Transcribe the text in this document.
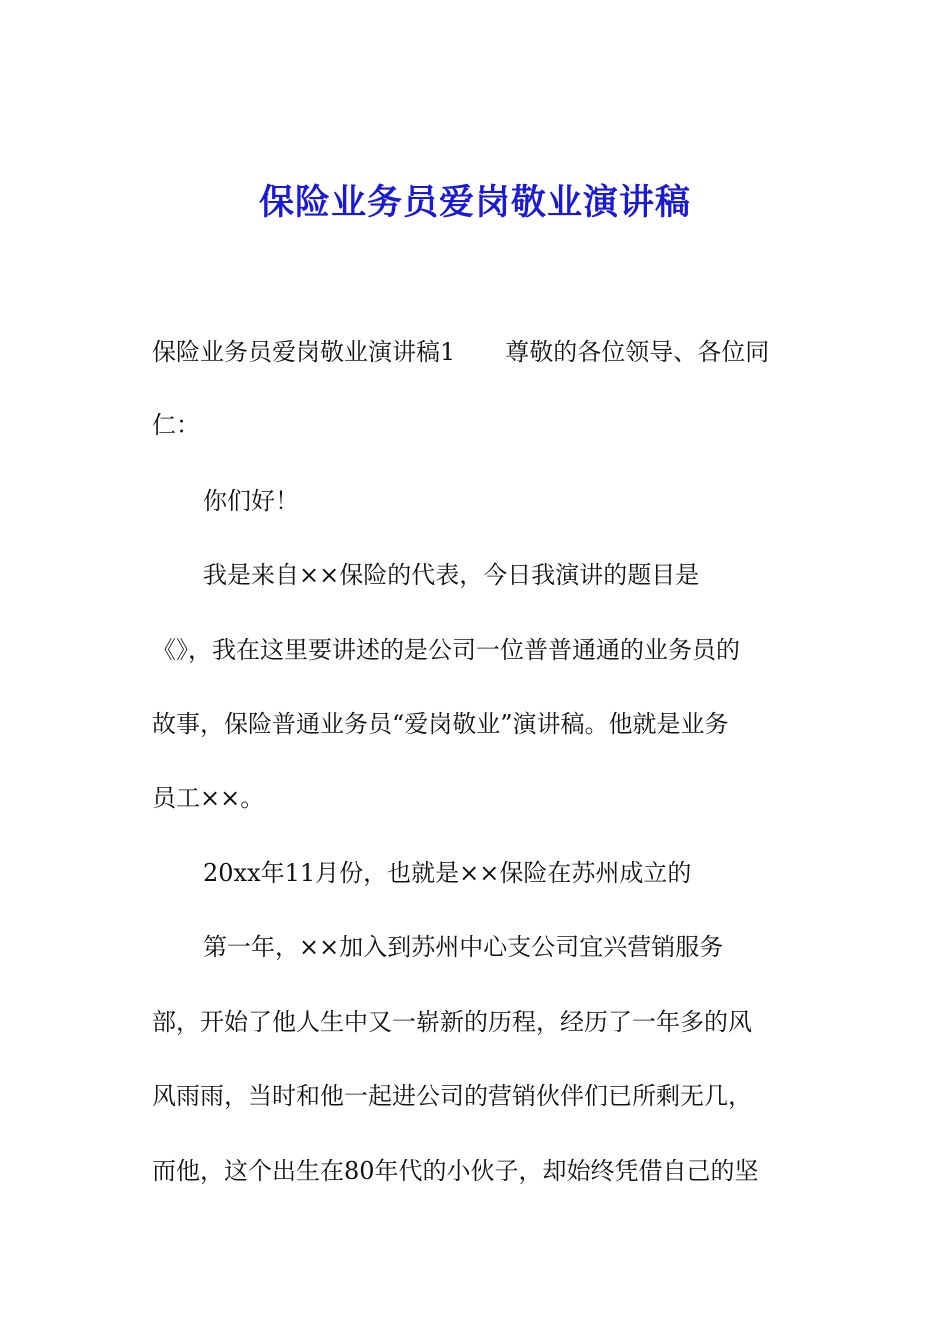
保险业务员爱岗敬业演讲稿

保险业务员爱岗敬业演讲稿1 尊敬的各位领导、各位同

仁：

你们好！

我是来自××保险的代表，今日我演讲的题目是

《》，我在这里要讲述的是公司一位普普通通的业务员的

故事，保险普通业务员“爱岗敬业”演讲稿。他就是业务

员工××。

20xx年11月份，也就是××保险在苏州成立的

第一年，××加入到苏州中心支公司宜兴营销服务

部，开始了他人生中又一崭新的历程，经历了一年多的风

风雨雨，当时和他一起进公司的营销伙伴们已所剩无几，

而他，这个出生在80年代的小伙子，却始终凭借自己的坚
